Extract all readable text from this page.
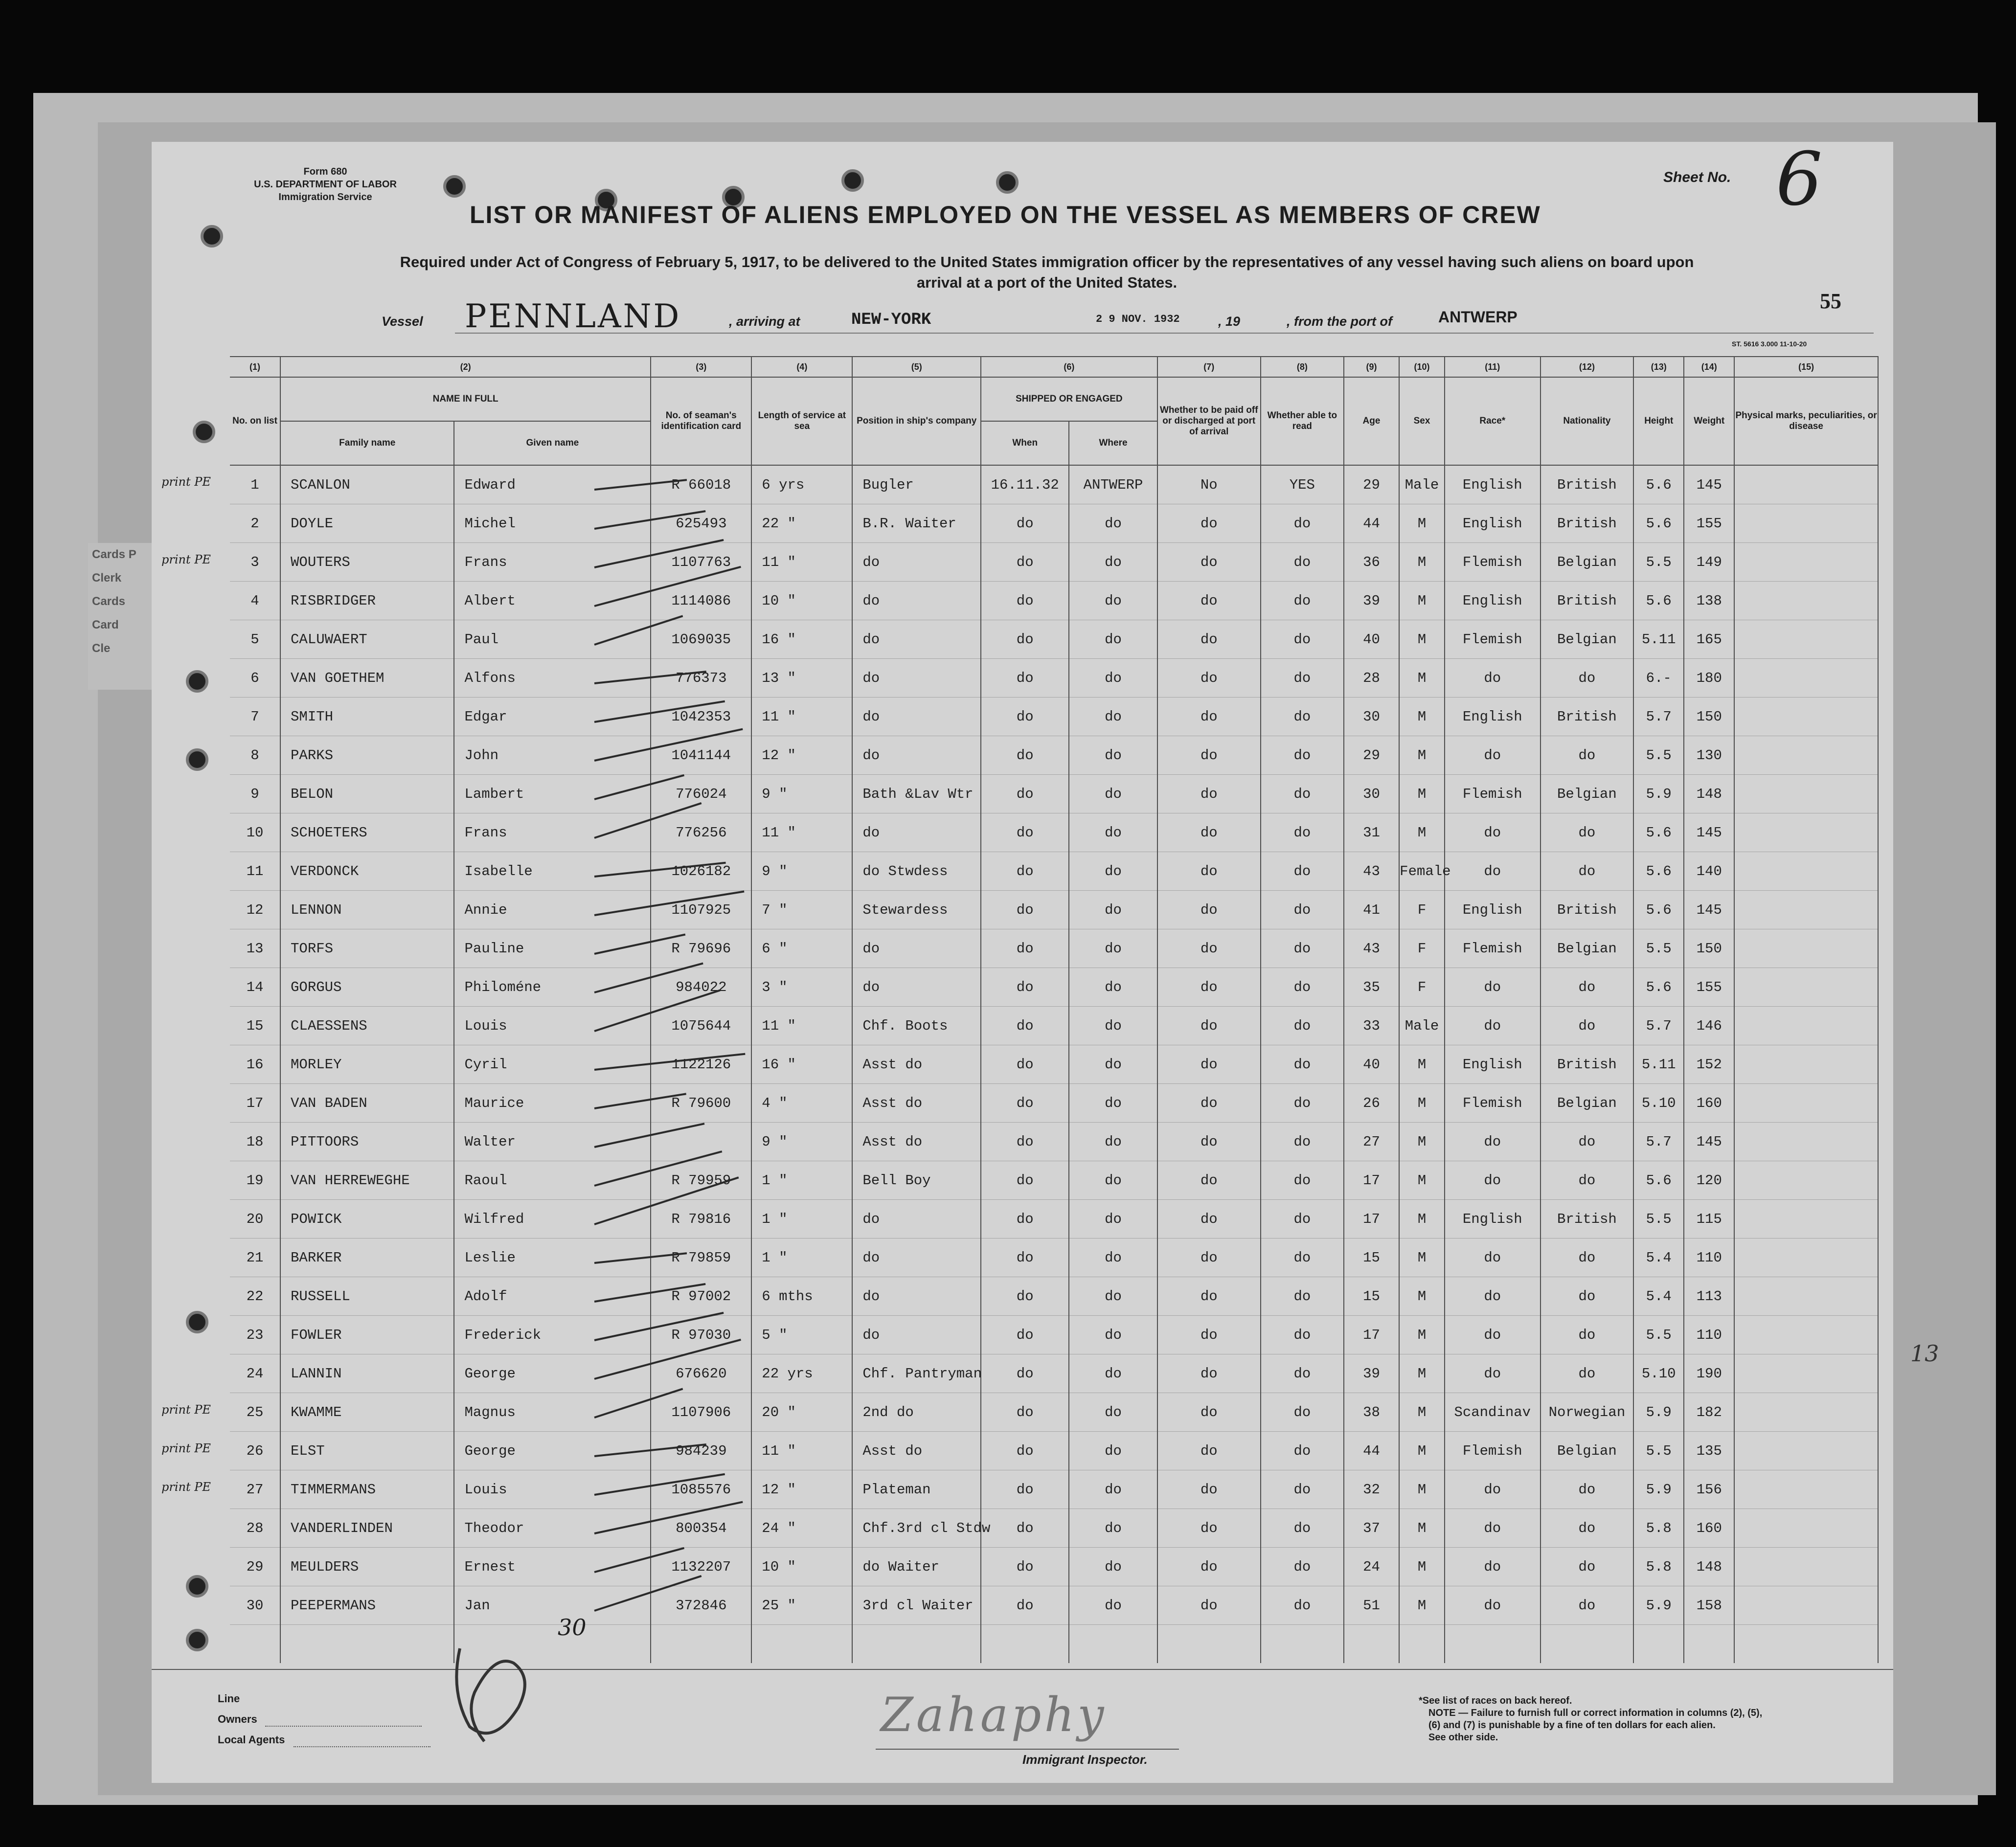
Cards P
Clerk
Cards
Card
Cle
Form 680
U.S. DEPARTMENT OF LABOR
Immigration Service
LIST OR MANIFEST OF ALIENS EMPLOYED ON THE VESSEL AS MEMBERS OF CREW
Sheet No. 6
Required under Act of Congress of February 5, 1917, to be delivered to the United States immigration officer by the representatives of any vessel having such aliens on board upon
arrival at a port of the United States.
55
ST. 5616 3.000 11-10-20
Vessel PENNLAND	, arriving at	NEW-YORK	2 9 NOV. 1932	, 19	, from the port of	ANTWERP
(1)	(2)		(3)	(4)	(5)	(6)		(7)	(8)	(9)	(10)	(11)	(12)	(13)	(14)	(15)
No. on list	NAME IN FULL		No. of seaman's identification card	Length of service at sea	Position in ship's company	SHIPPED OR ENGAGED		Whether to be paid off or discharged at port of arrival	Whether able to read	Age	Sex	Race*	Nationality	Height	Weight	Physical marks, peculiarities, or disease
	Family name	Given name				When	Where									
1	SCANLON	Edward	R 66018	6 yrs	Bugler	16.11.32	ANTWERP	No	YES	29	Male	English	British	5.6	145	
2	DOYLE	Michel	625493	22 "	B.R. Waiter	do	do	do	do	44	M	English	British	5.6	155	
3	WOUTERS	Frans	1107763	11 "	do	do	do	do	do	36	M	Flemish	Belgian	5.5	149	
4	RISBRIDGER	Albert	1114086	10 "	do	do	do	do	do	39	M	English	British	5.6	138	
5	CALUWAERT	Paul	1069035	16 "	do	do	do	do	do	40	M	Flemish	Belgian	5.11	165	
6	VAN GOETHEM	Alfons	776373	13 "	do	do	do	do	do	28	M	do	do	6.-	180	
7	SMITH	Edgar	1042353	11 "	do	do	do	do	do	30	M	English	British	5.7	150	
8	PARKS	John	1041144	12 "	do	do	do	do	do	29	M	do	do	5.5	130	
9	BELON	Lambert	776024	9 "	Bath &Lav Wtr	do	do	do	do	30	M	Flemish	Belgian	5.9	148	
10	SCHOETERS	Frans	776256	11 "	do	do	do	do	do	31	M	do	do	5.6	145	
11	VERDONCK	Isabelle	1026182	9 "	do Stwdess	do	do	do	do	43	Female	do	do	5.6	140	
12	LENNON	Annie	1107925	7 "	Stewardess	do	do	do	do	41	F	English	British	5.6	145	
13	TORFS	Pauline	R 79696	6 "	do	do	do	do	do	43	F	Flemish	Belgian	5.5	150	
14	GORGUS	Philoméne	984022	3 "	do	do	do	do	do	35	F	do	do	5.6	155	
15	CLAESSENS	Louis	1075644	11 "	Chf. Boots	do	do	do	do	33	Male	do	do	5.7	146	
16	MORLEY	Cyril	1122126	16 "	Asst do	do	do	do	do	40	M	English	British	5.11	152	
17	VAN BADEN	Maurice	R 79600	4 "	Asst do	do	do	do	do	26	M	Flemish	Belgian	5.10	160	
18	PITTOORS	Walter		9 "	Asst do	do	do	do	do	27	M	do	do	5.7	145	
19	VAN HERREWEGHE	Raoul	R 79959	1 "	Bell Boy	do	do	do	do	17	M	do	do	5.6	120	
20	POWICK	Wilfred	R 79816	1 "	do	do	do	do	do	17	M	English	British	5.5	115	
21	BARKER	Leslie	R 79859	1 "	do	do	do	do	do	15	M	do	do	5.4	110	
22	RUSSELL	Adolf	R 97002	6 mths	do	do	do	do	do	15	M	do	do	5.4	113	
23	FOWLER	Frederick	R 97030	5 "	do	do	do	do	do	17	M	do	do	5.5	110	
24	LANNIN	George	676620	22 yrs	Chf. Pantryman	do	do	do	do	39	M	do	do	5.10	190	
25	KWAMME	Magnus	1107906	20 "	2nd do	do	do	do	do	38	M	Scandinav	Norwegian	5.9	182	
26	ELST	George	984239	11 "	Asst do	do	do	do	do	44	M	Flemish	Belgian	5.5	135	
27	TIMMERMANS	Louis	1085576	12 "	Plateman	do	do	do	do	32	M	do	do	5.9	156	
28	VANDERLINDEN	Theodor	800354	24 "	Chf.3rd cl Stdw	do	do	do	do	37	M	do	do	5.8	160	
29	MEULDERS	Ernest	1132207	10 "	do Waiter	do	do	do	do	24	M	do	do	5.8	148	
30	PEEPERMANS	Jan	372846	25 "	3rd cl Waiter	do	do	do	do	51	M	do	do	5.9	158	

Line
Owners
Local Agents
30
13
Zahaphy
Immigrant Inspector.
*See list of races on back hereof.
NOTE — Failure to furnish full or correct information in columns (2), (5),
(6) and (7) is punishable by a fine of ten dollars for each alien.
See other side.
print PE
print PE
print PE
print PE
print PE
